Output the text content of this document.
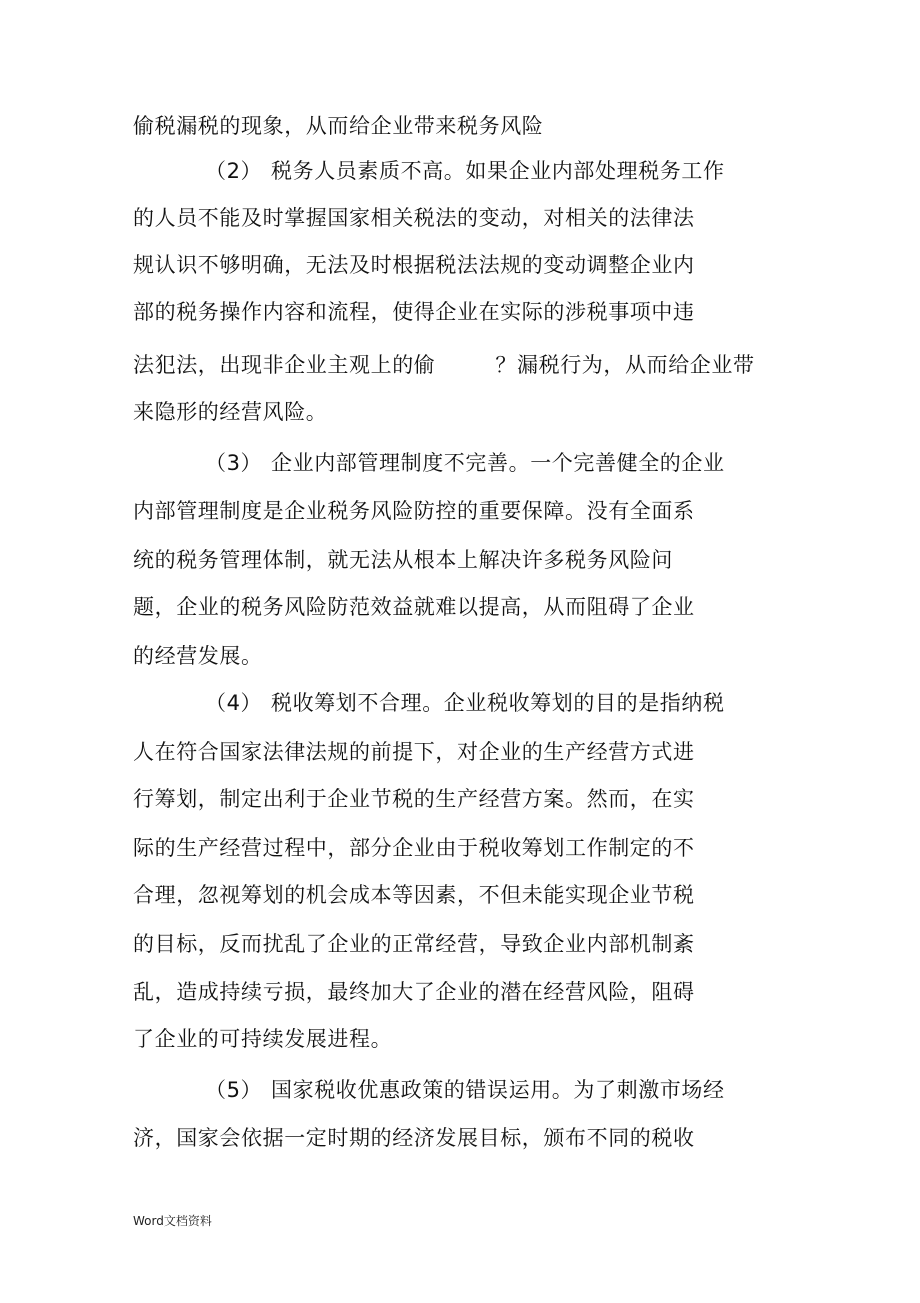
偷税漏税的现象，从而给企业带来税务风险
（2） 税务人员素质不高。如果企业内部处理税务工作
的人员不能及时掌握国家相关税法的变动，对相关的法律法
规认识不够明确，无法及时根据税法法规的变动调整企业内
部的税务操作内容和流程，使得企业在实际的涉税事项中违
法犯法，出现非企业主观上的偷	？漏税行为，从而给企业带
来隐形的经营风险。
（3） 企业内部管理制度不完善。一个完善健全的企业
内部管理制度是企业税务风险防控的重要保障。没有全面系
统的税务管理体制，就无法从根本上解决许多税务风险问
题，企业的税务风险防范效益就难以提高，从而阻碍了企业
的经营发展。
（4） 税收筹划不合理。企业税收筹划的目的是指纳税
人在符合国家法律法规的前提下，对企业的生产经营方式进
行筹划，制定出利于企业节税的生产经营方案。然而，在实
际的生产经营过程中，部分企业由于税收筹划工作制定的不
合理，忽视筹划的机会成本等因素，不但未能实现企业节税
的目标，反而扰乱了企业的正常经营，导致企业内部机制紊
乱，造成持续亏损，最终加大了企业的潜在经营风险，阻碍
了企业的可持续发展进程。
（5） 国家税收优惠政策的错误运用。为了刺激市场经
济，国家会依据一定时期的经济发展目标，颁布不同的税收
Word文档资料
